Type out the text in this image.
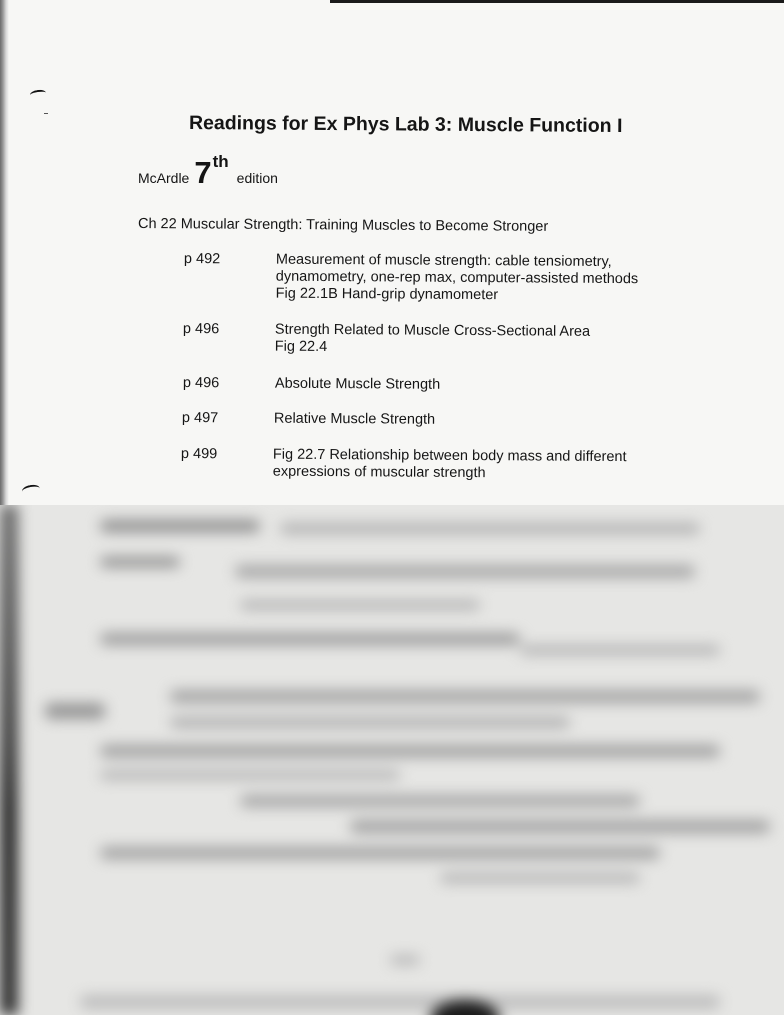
Readings for Ex Phys Lab 3: Muscle Function I
McArdle 7thedition
Ch 22 Muscular Strength: Training Muscles to Become Stronger
p 492	Measurement of muscle strength: cable tensiometry,
dynamometry, one-rep max, computer-assisted methods
Fig 22.1B Hand-grip dynamometer
p 496	Strength Related to Muscle Cross-Sectional Area
Fig 22.4
p 496	Absolute Muscle Strength
p 497	Relative Muscle Strength
p 499	Fig 22.7 Relationship between body mass and different
expressions of muscular strength
